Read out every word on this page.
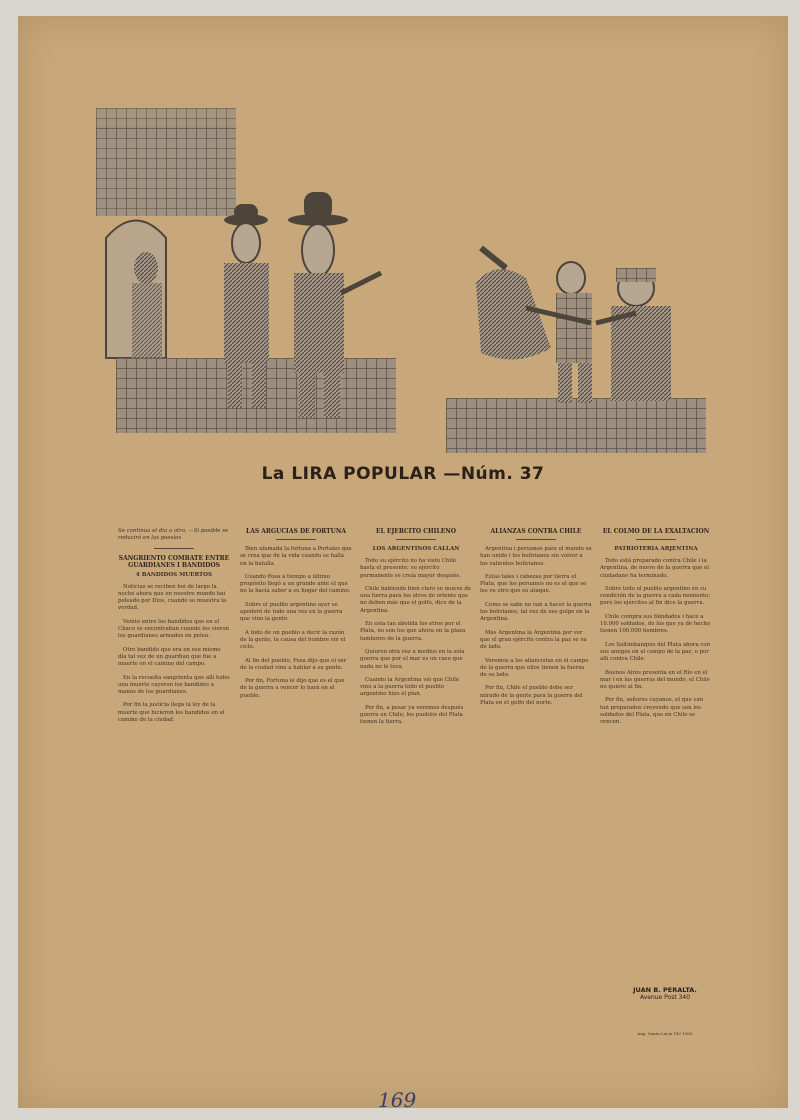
La LIRA POPULAR —Núm. 37
Se continúa el día a otro, —Si posible se reducirá en las poesías
SANGRIENTO COMBATE ENTRE GUARDIANES I BANDIDOS
4 BANDIDOS MUERTOS
Noticias se reciben hoi de largo la noche ahora que en nuestro mundo hai peleado por Dios, cuando se muestra la verdad.
Veinte entre los bandidos que en el Chaco se encontraban cuando los vieron los guardianes armados en pelea.
Otro bandido que era en ese mismo día tal vez de un guardian que fue a muerte en el camino del campo.
En la revuelta sangrienta que allí hubo una muerte cayeron los bandidos a manos de los guardianes.
Por fin la justicia llega la ley de la muerte que hicieron los bandidos en el camino de la ciudad.
LAS ARGUCIAS DE FORTUNA
Bien afamada la fortuna a Portales que se crea que de la vida cuando se halla en la batalla.
Cuando Fosa a tiempo a último propósito llegó a un grande ante el que no la hacía saber a su hogar del camino.
Sobre el pueblo argentino ayer se apoderó de todo una vez en la guerra que vino la gente.
A todo de un pueblo a decir la razón de la gente, la causa del hombre sin el ciclo.
Al fin del pueblo, Fosa dijo que el ser de la ciudad vino a hablar a su gente.
Por fin, Fortuna le dijo que es el que de la guerra a vencer lo hará en el pueblo.
EL EJERCITO CHILENO
LOS ARGENTINOS CALLAN
Todo su ejército no ha visto Chile hasta el presente; su ejército permanente se creía mayor después.
Chile habiendo bien claro se mueve de una tierra para los otros de oriente que no deben más que el golfo, dice de la Argentina.
En esta tan abolida los otros por el Plata, no son los que ahora en la plaza tambores de la guerra.
Quieren otra vez a medios en la sola guerra que por el mar es un caso que nada no le toca.
Cuando la Argentina vió que Chile vino a la guerra todo el pueblo argentino hizo el plan.
Por fin, a pesar ya veremos después guerra en Chile; los pueblos del Plata tienen la tierra.
ALIANZAS CONTRA CHILE
Argentina i peruanos para el mundo se han unido i los bolivianos sin volver a los valientes bolivianos.
Estas tales i cabezas por tierra el Plata, que los peruanos no es el que se les ve otro que su ataque.
Como se sabe no van a hacer la guerra los bolivianos, tal vez de ese golpe en la Argentina.
Mas Argentina la Argentina por ver que el gran ejército contra la paz se va de lado.
Veremos a los aliancistas en el campo de la guerra que ellos tienen la fuerza de su lado.
Por fin, Chile el pueblo debe ser mirado de la gente para la guerra del Plata en el golfo del norte.
EL COLMO DE LA EXALTACION
PATRIOTERIA ARJENTINA
Todo está preparado contra Chile i la Argentina, de nuevo de la guerra que el ciudadano ha terminado.
Sobre todo el pueblo argentino en su condición de la guerra a cada momento; pero los ejércitos al fin dice la guerra.
Chile compra sus blindados i hace a 10.000 soldados, de los que ya de hecho tienen 100.000 hombres.
Los Saltimbanquis del Plata ahora con sus amigos en el campo de la paz, o por allí contra Chile.
Buenos Aires presenta en el Río en el mar i en las guerras del mundo, el Chile no quiere al fin.
Por fin, señores cuyanos, el que van tan preparados creyendo que son los soldados del Plata, que en Chile se vencen.
JUAN B. PERALTA.
Avenue Post 340
Imp. Santa Lucía 182 1903
169
